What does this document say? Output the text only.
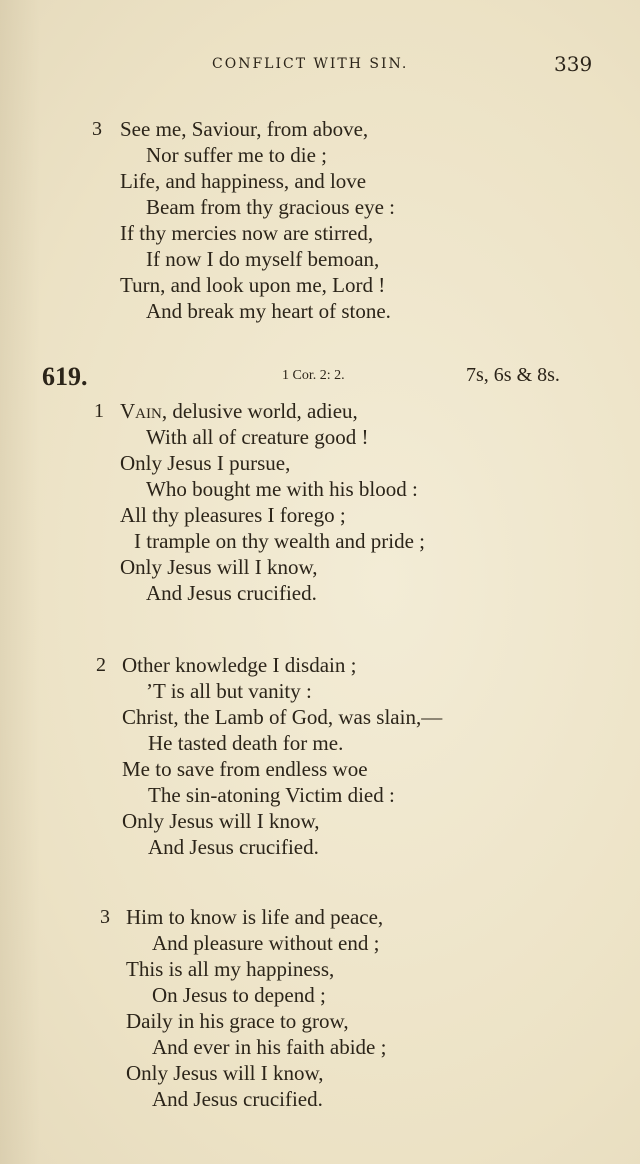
CONFLICT WITH SIN.	339
3 See me, Saviour, from above,
Nor suffer me to die ;
Life, and happiness, and love
Beam from thy gracious eye :
If thy mercies now are stirred,
If now I do myself bemoan,
Turn, and look upon me, Lord !
And break my heart of stone.
619.	1 Cor. 2: 2.	7s, 6s & 8s.
1 Vain, delusive world, adieu,
With all of creature good !
Only Jesus I pursue,
Who bought me with his blood :
All thy pleasures I forego ;
I trample on thy wealth and pride ;
Only Jesus will I know,
And Jesus crucified.
2 Other knowledge I disdain ;
’T is all but vanity :
Christ, the Lamb of God, was slain,—
He tasted death for me.
Me to save from endless woe
The sin-atoning Victim died :
Only Jesus will I know,
And Jesus crucified.
3 Him to know is life and peace,
And pleasure without end ;
This is all my happiness,
On Jesus to depend ;
Daily in his grace to grow,
And ever in his faith abide ;
Only Jesus will I know,
And Jesus crucified.
